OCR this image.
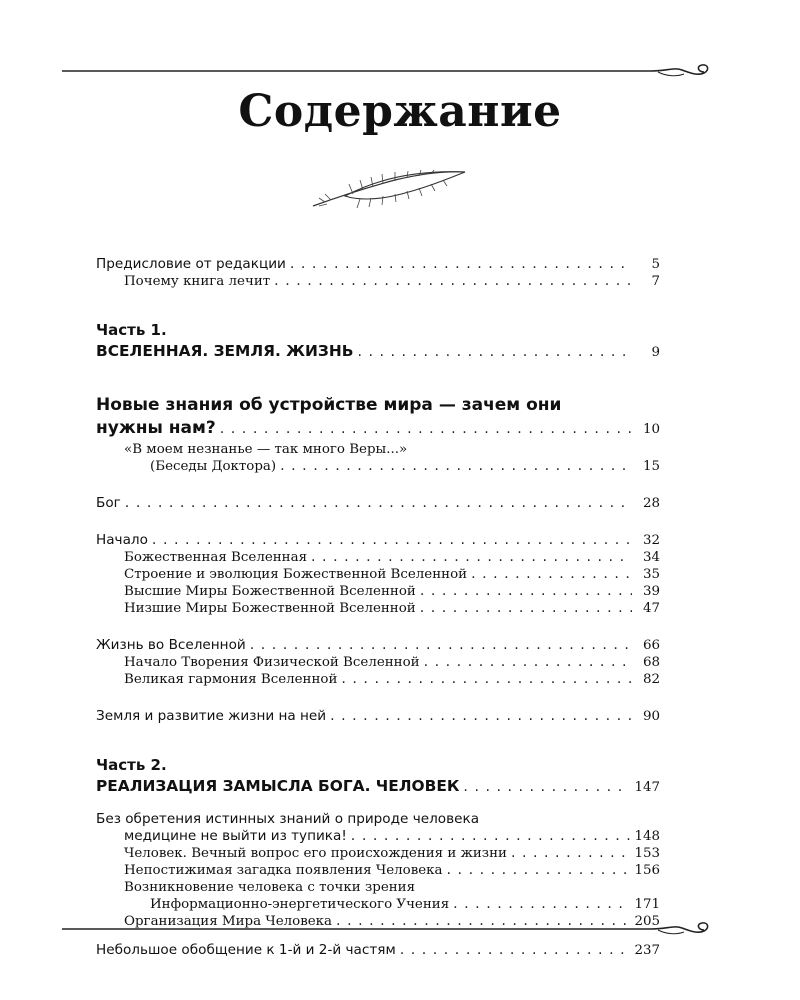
Содержание
Предисловие от редакции . . .	5
Почему книга лечит . . .	7
Часть 1.
ВСЕЛЕННАЯ. ЗЕМЛЯ. ЖИЗНЬ . . .	9
Новые знания об устройстве мира — зачем они
нужны нам? . . .	10
«В моем незнанье — так много Веры...»
(Беседы Доктора) . . .	15
Бог . . .	28
Начало . . .	32
Божественная Вселенная . . .	34
Строение и эволюция Божественной Вселенной . . .	35
Высшие Миры Божественной Вселенной . . .	39
Низшие Миры Божественной Вселенной . . .	47
Жизнь во Вселенной . . .	66
Начало Творения Физической Вселенной . . .	68
Великая гармония Вселенной . . .	82
Земля и развитие жизни на ней . . .	90
Часть 2.
РЕАЛИЗАЦИЯ ЗАМЫСЛА БОГА. ЧЕЛОВЕК . . .	147
Без обретения истинных знаний о природе человека
медицине не выйти из тупика! . . .	148
Человек. Вечный вопрос его происхождения и жизни . . .	153
Непостижимая загадка появления Человека . . .	156
Возникновение человека с точки зрения
Информационно-энергетического Учения . . .	171
Организация Мира Человека . . .	205
Небольшое обобщение к 1-й и 2-й частям . . .	237
